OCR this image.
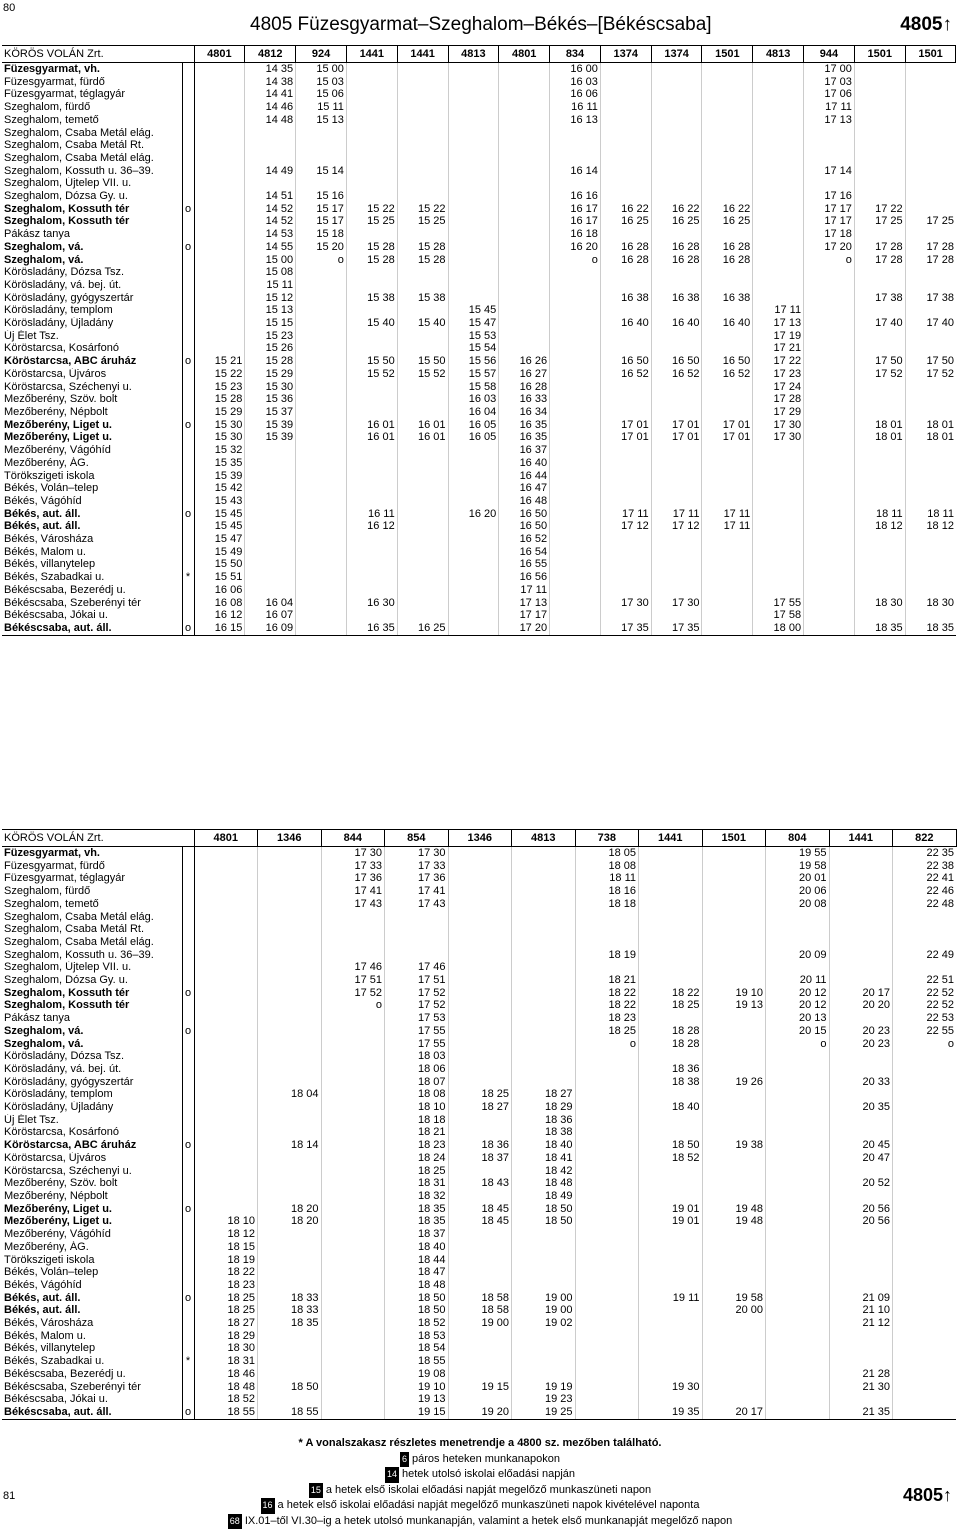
80
4805 Füzesgyarmat–Szeghalom–Békés–[Békéscsaba]	4805↑
KÖRÖS VOLÁN Zrt.		4801	4812	924	1441	1441	4813	4801	834	1374	1374	1501	4813	944	1501	1501
Füzesgyarmat, vh.			14 35	15 00					16 00					17 00		
Füzesgyarmat, fürdő			14 38	15 03					16 03					17 03		
Füzesgyarmat, téglagyár			14 41	15 06					16 06					17 06		
Szeghalom, fürdő			14 46	15 11					16 11					17 11		
Szeghalom, temető			14 48	15 13					16 13					17 13		
Szeghalom, Csaba Metál elág.																
Szeghalom, Csaba Metál Rt.																
Szeghalom, Csaba Metál elág.																
Szeghalom, Kossuth u. 36–39.			14 49	15 14					16 14					17 14		
Szeghalom, Újtelep VII. u.																
Szeghalom, Dózsa Gy. u.			14 51	15 16					16 16					17 16		
Szeghalom, Kossuth tér	o		14 52	15 17	15 22	15 22			16 17	16 22	16 22	16 22		17 17	17 22	
Szeghalom, Kossuth tér			14 52	15 17	15 25	15 25			16 17	16 25	16 25	16 25		17 17	17 25	17 25
Pákász tanya			14 53	15 18					16 18					17 18		
Szeghalom, vá.	o		14 55	15 20	15 28	15 28			16 20	16 28	16 28	16 28		17 20	17 28	17 28
Szeghalom, vá.			15 00	o	15 28	15 28			o	16 28	16 28	16 28		o	17 28	17 28
Körösladány, Dózsa Tsz.			15 08													
Körösladány, vá. bej. út.			15 11													
Körösladány, gyógyszertár			15 12		15 38	15 38				16 38	16 38	16 38			17 38	17 38
Körösladány, templom			15 13				15 45						17 11			
Körösladány, Újladány			15 15		15 40	15 40	15 47			16 40	16 40	16 40	17 13		17 40	17 40
Új Élet Tsz.			15 23				15 53						17 19			
Köröstarcsa, Kosárfonó			15 26				15 54						17 21			
Köröstarcsa, ABC áruház	o	15 21	15 28		15 50	15 50	15 56	16 26		16 50	16 50	16 50	17 22		17 50	17 50
Köröstarcsa, Újváros		15 22	15 29		15 52	15 52	15 57	16 27		16 52	16 52	16 52	17 23		17 52	17 52
Köröstarcsa, Széchenyi u.		15 23	15 30				15 58	16 28					17 24			
Mezőberény, Szöv. bolt		15 28	15 36				16 03	16 33					17 28			
Mezőberény, Népbolt		15 29	15 37				16 04	16 34					17 29			
Mezőberény, Liget u.	o	15 30	15 39		16 01	16 01	16 05	16 35		17 01	17 01	17 01	17 30		18 01	18 01
Mezőberény, Liget u.		15 30	15 39		16 01	16 01	16 05	16 35		17 01	17 01	17 01	17 30		18 01	18 01
Mezőberény, Vágóhíd		15 32						16 37								
Mezőberény, ÁG.		15 35						16 40								
Törökszigeti iskola		15 39						16 44								
Békés, Volán–telep		15 42						16 47								
Békés, Vágóhíd		15 43						16 48								
Békés, aut. áll.	o	15 45			16 11		16 20	16 50		17 11	17 11	17 11			18 11	18 11
Békés, aut. áll.		15 45			16 12			16 50		17 12	17 12	17 11			18 12	18 12
Békés, Városháza		15 47						16 52								
Békés, Malom u.		15 49						16 54								
Békés, villanytelep		15 50						16 55								
Békés, Szabadkai u.	*	15 51						16 56								
Békéscsaba, Bezerédj u.		16 06						17 11								
Békéscsaba, Szeberényi tér		16 08	16 04		16 30			17 13		17 30	17 30		17 55		18 30	18 30
Békéscsaba, Jókai u.		16 12	16 07					17 17					17 58			
Békéscsaba, aut. áll.	o	16 15	16 09		16 35	16 25		17 20		17 35	17 35		18 00		18 35	18 35
KÖRÖS VOLÁN Zrt.		4801	1346	844	854	1346	4813	738	1441	1501	804	1441	822
Füzesgyarmat, vh.				17 30	17 30			18 05			19 55		22 35
Füzesgyarmat, fürdő				17 33	17 33			18 08			19 58		22 38
Füzesgyarmat, téglagyár				17 36	17 36			18 11			20 01		22 41
Szeghalom, fürdő				17 41	17 41			18 16			20 06		22 46
Szeghalom, temető				17 43	17 43			18 18			20 08		22 48
Szeghalom, Csaba Metál elág.													
Szeghalom, Csaba Metál Rt.													
Szeghalom, Csaba Metál elág.													
Szeghalom, Kossuth u. 36–39.								18 19			20 09		22 49
Szeghalom, Újtelep VII. u.				17 46	17 46								
Szeghalom, Dózsa Gy. u.				17 51	17 51			18 21			20 11		22 51
Szeghalom, Kossuth tér	o			17 52	17 52			18 22	18 22	19 10	20 12	20 17	22 52
Szeghalom, Kossuth tér				o	17 52			18 22	18 25	19 13	20 12	20 20	22 52
Pákász tanya					17 53			18 23			20 13		22 53
Szeghalom, vá.	o				17 55			18 25	18 28		20 15	20 23	22 55
Szeghalom, vá.					17 55			o	18 28		o	20 23	o
Körösladány, Dózsa Tsz.					18 03								
Körösladány, vá. bej. út.					18 06				18 36				
Körösladány, gyógyszertár					18 07				18 38	19 26		20 33	
Körösladány, templom			18 04		18 08	18 25	18 27						
Körösladány, Újladány					18 10	18 27	18 29		18 40			20 35	
Új Élet Tsz.					18 18		18 36						
Köröstarcsa, Kosárfonó					18 21		18 38						
Köröstarcsa, ABC áruház	o		18 14		18 23	18 36	18 40		18 50	19 38		20 45	
Köröstarcsa, Újváros					18 24	18 37	18 41		18 52			20 47	
Köröstarcsa, Széchenyi u.					18 25		18 42						
Mezőberény, Szöv. bolt					18 31	18 43	18 48					20 52	
Mezőberény, Népbolt					18 32		18 49						
Mezőberény, Liget u.	o		18 20		18 35	18 45	18 50		19 01	19 48		20 56	
Mezőberény, Liget u.		18 10	18 20		18 35	18 45	18 50		19 01	19 48		20 56	
Mezőberény, Vágóhíd		18 12			18 37								
Mezőberény, ÁG.		18 15			18 40								
Törökszigeti iskola		18 19			18 44								
Békés, Volán–telep		18 22			18 47								
Békés, Vágóhíd		18 23			18 48								
Békés, aut. áll.	o	18 25	18 33		18 50	18 58	19 00		19 11	19 58		21 09	
Békés, aut. áll.		18 25	18 33		18 50	18 58	19 00			20 00		21 10	
Békés, Városháza		18 27	18 35		18 52	19 00	19 02					21 12	
Békés, Malom u.		18 29			18 53								
Békés, villanytelep		18 30			18 54								
Békés, Szabadkai u.	*	18 31			18 55								
Békéscsaba, Bezerédj u.		18 46			19 08							21 28	
Békéscsaba, Szeberényi tér		18 48	18 50		19 10	19 15	19 19		19 30			21 30	
Békéscsaba, Jókai u.		18 52			19 13		19 23						
Békéscsaba, aut. áll.	o	18 55	18 55		19 15	19 20	19 25		19 35	20 17		21 35	
* A vonalszakasz részletes menetrendje a 4800 sz. mezőben található.
6 páros heteken munkanapokon
14 hetek utolsó iskolai előadási napján
15 a hetek első iskolai előadási napját megelőző munkaszüneti napon
16 a hetek első iskolai előadási napját megelőző munkaszüneti napok kivételével naponta
68 IX.01–től VI.30–ig a hetek utolsó munkanapján, valamint a hetek első munkanapját megelőző napon
81	4805↑
